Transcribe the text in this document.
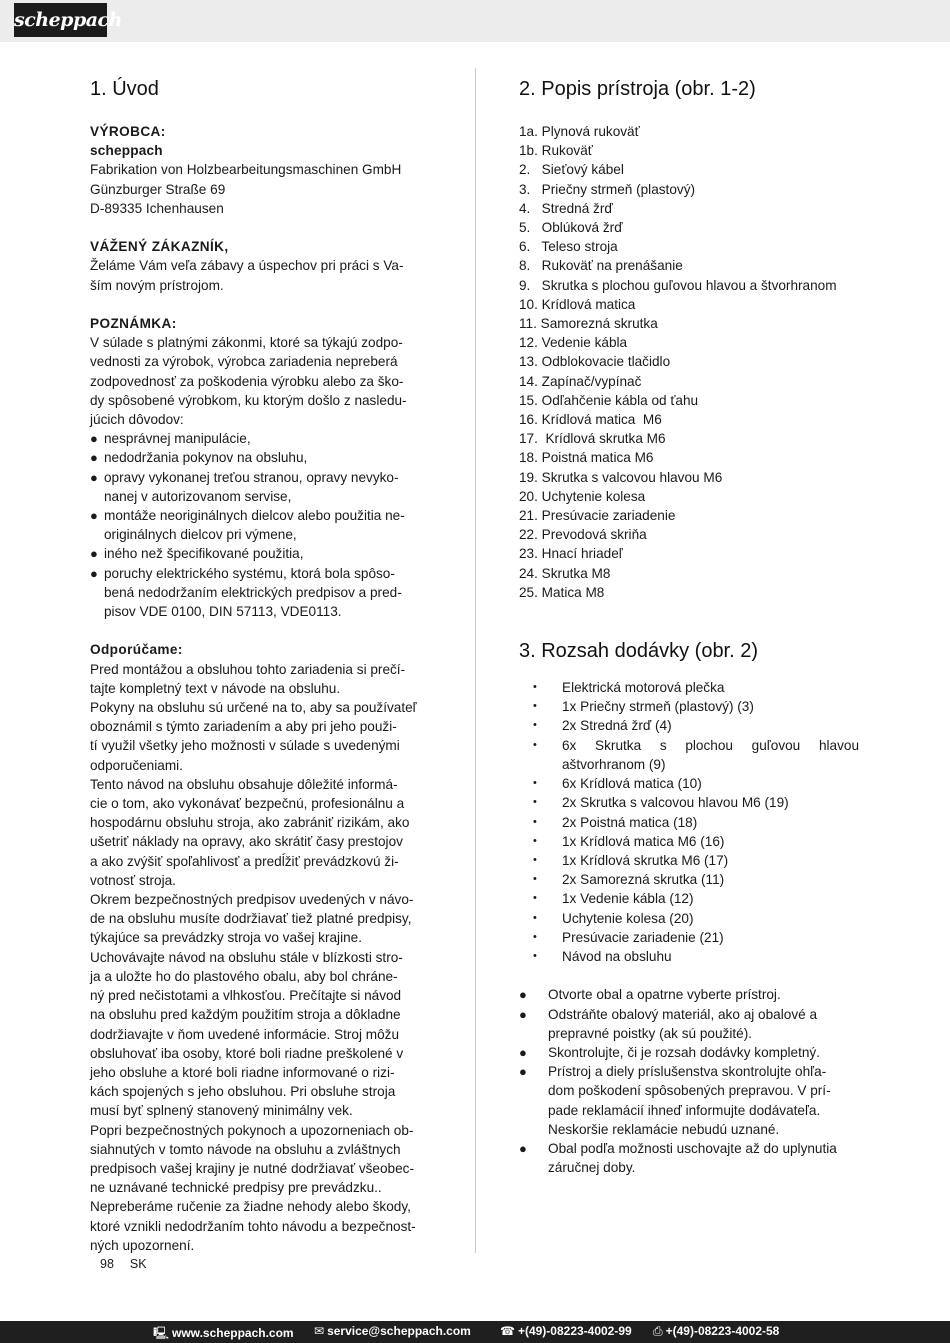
scheppach
1. Úvod
VÝROBCA:
scheppach
Fabrikation von Holzbearbeitungsmaschinen GmbH
Günzburger Straße 69
D-89335 Ichenhausen
VÁŽENÝ ZÁKAZNÍK,
Želáme Vám veľa zábavy a úspechov pri práci s Va-
ším novým prístrojom.
POZNÁMKA:
V súlade s platnými zákonmi, ktoré sa týkajú zodpo-
vednosti za výrobok, výrobca zariadenia nepreberá
zodpovednosť za poškodenia výrobku alebo za ško-
dy spôsobené výrobkom, ku ktorým došlo z nasledu-
júcich dôvodov:
● nesprávnej manipulácie,
● nedodržania pokynov na obsluhu,
● opravy vykonanej treťou stranou, opravy nevyko-
nanej v autorizovanom servise,
● montáže neoriginálnych dielcov alebo použitia ne-
originálnych dielcov pri výmene,
● iného než špecifikované použitia,
● poruchy elektrického systému, ktorá bola spôso-
bená nedodržaním elektrických predpisov a pred-
pisov VDE 0100, DIN 57113, VDE0113.
Odporúčame:
Pred montážou a obsluhou tohto zariadenia si prečí-
tajte kompletný text v návode na obsluhu.
Pokyny na obsluhu sú určené na to, aby sa používateľ
oboznámil s týmto zariadením a aby pri jeho použi-
tí využil všetky jeho možnosti v súlade s uvedenými
odporučeniami.
Tento návod na obsluhu obsahuje dôležité informá-
cie o tom, ako vykonávať bezpečnú, profesionálnu a
hospodárnu obsluhu stroja, ako zabrániť rizikám, ako
ušetriť náklady na opravy, ako skrátiť časy prestojov
a ako zvýšiť spoľahlivosť a predĺžiť prevádzkovú ži-
votnosť stroja.
Okrem bezpečnostných predpisov uvedených v návo-
de na obsluhu musíte dodržiavať tiež platné predpisy,
týkajúce sa prevádzky stroja vo vašej krajine.
Uchovávajte návod na obsluhu stále v blízkosti stro-
ja a uložte ho do plastového obalu, aby bol chráne-
ný pred nečistotami a vlhkosťou. Prečítajte si návod
na obsluhu pred každým použitím stroja a dôkladne
dodržiavajte v ňom uvedené informácie. Stroj môžu
obsluhovať iba osoby, ktoré boli riadne preškolené v
jeho obsluhe a ktoré boli riadne informované o rizi-
kách spojených s jeho obsluhou. Pri obsluhe stroja
musí byť splnený stanovený minimálny vek.
Popri bezpečnostných pokynoch a upozorneniach ob-
siahnutých v tomto návode na obsluhu a zvláštnych
predpisoch vašej krajiny je nutné dodržiavať všeobec-
ne uznávané technické predpisy pre prevádzku..
Nepreberáme ručenie za žiadne nehody alebo škody,
ktoré vznikli nedodržaním tohto návodu a bezpečnost-
ných upozornení.
2. Popis prístroja (obr. 1-2)
1a. Plynová rukoväť
1b. Rukoväť
2.   Sieťový kábel
3.   Priečny strmeň (plastový)
4.   Stredná žrď
5.   Oblúková žrď
6.   Teleso stroja
8.   Rukoväť na prenášanie
9.   Skrutka s plochou guľovou hlavou a štvorhranom
10. Krídlová matica
11. Samorezná skrutka
12. Vedenie kábla
13. Odblokovacie tlačidlo
14. Zapínač/vypínač
15. Odľahčenie kábla od ťahu
16. Krídlová matica  M6
17.  Krídlová skrutka M6
18. Poistná matica M6
19. Skrutka s valcovou hlavou M6
20. Uchytenie kolesa
21. Presúvacie zariadenie
22. Prevodová skriňa
23. Hnací hriadeľ
24. Skrutka M8
25. Matica M8
3. Rozsah dodávky (obr. 2)
•	Elektrická motorová plečka
•	1x Priečny strmeň (plastový) (3)
•	2x Stredná žrď (4)
•	6x Skrutka s plochou guľovou hlavou aštvorhranom (9)
•	6x Krídlová matica (10)
•	2x Skrutka s valcovou hlavou M6 (19)
•	2x Poistná matica (18)
•	1x Krídlová matica M6 (16)
•	1x Krídlová skrutka M6 (17)
•	2x Samorezná skrutka (11)
•	1x Vedenie kábla (12)
•	Uchytenie kolesa (20)
•	Presúvacie zariadenie (21)
•	Návod na obsluhu
●	Otvorte obal a opatrne vyberte prístroj.
●	Odstráňte obalový materiál, ako aj obalové a
prepravné poistky (ak sú použité).
●	Skontrolujte, či je rozsah dodávky kompletný.
●	Prístroj a diely príslušenstva skontrolujte ohľa-
dom poškodení spôsobených prepravou. V prí-
pade reklamácií ihneď informujte dodávateľa.
Neskoršie reklamácie nebudú uznané.
●	Obal podľa možnosti uschovajte až do uplynutia
záručnej doby.
98 SK
🖳 www.scheppach.com ✉ service@scheppach.com ☎ +(49)-08223-4002-99 ⎙ +(49)-08223-4002-58
